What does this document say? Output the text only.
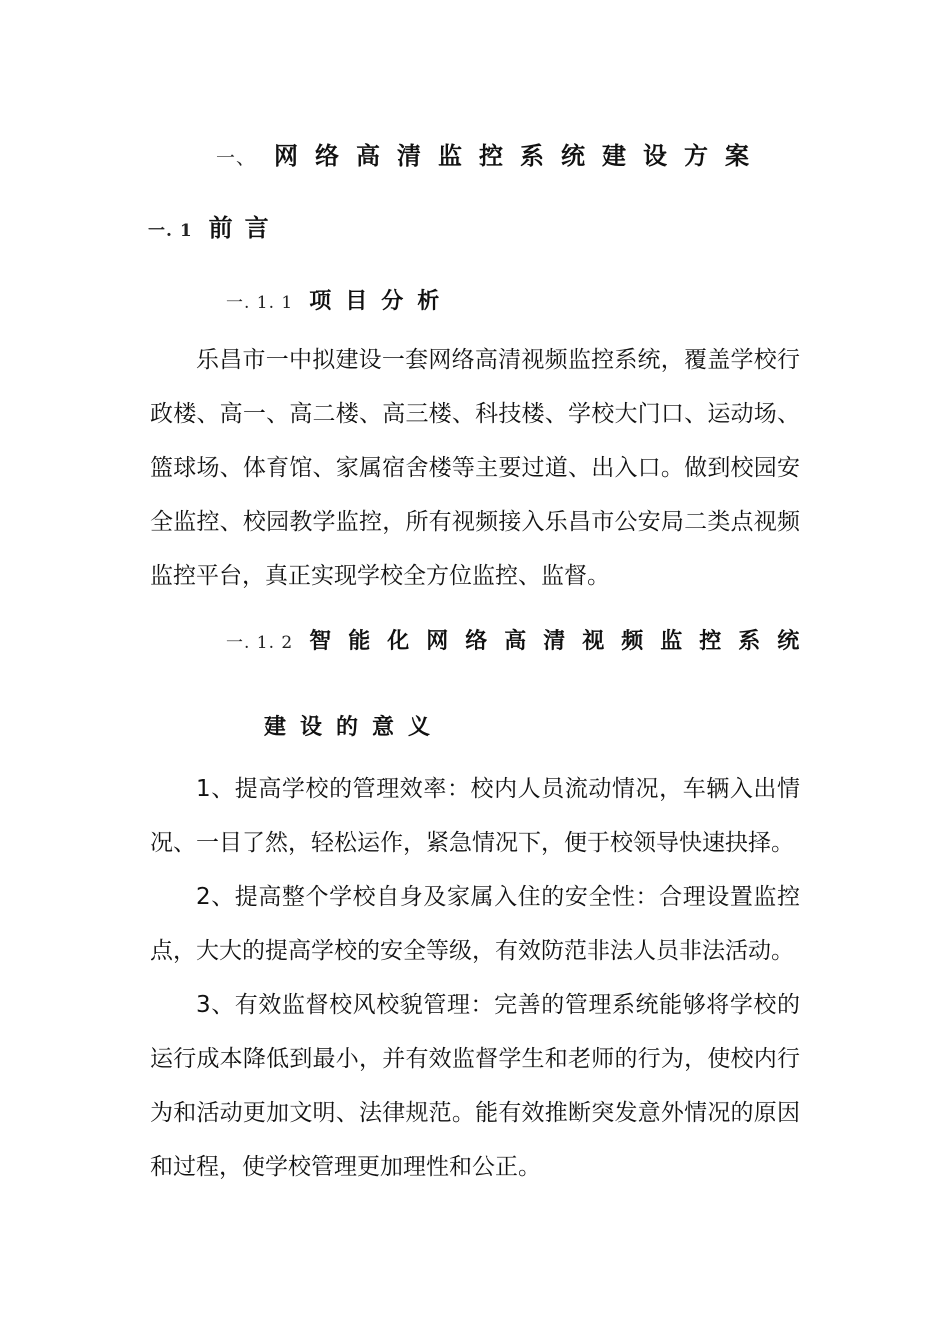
一、 网络高清监控系统建设方案
一. 1 前言
一. 1. 1 项目分析

乐昌市一中拟建设一套网络高清视频监控系统，覆盖学校行政楼、高一、高二楼、高三楼、科技楼、学校大门口、运动场、篮球场、体育馆、家属宿舍楼等主要过道、出入口。做到校园安全监控、校园教学监控，所有视频接入乐昌市公安局二类点视频监控平台，真正实现学校全方位监控、监督。

一. 1. 2 智能化网络高清视频监控系统
建设的意义

1、提高学校的管理效率：校内人员流动情况，车辆入出情况、一目了然，轻松运作，紧急情况下，便于校领导快速抉择。

2、提高整个学校自身及家属入住的安全性：合理设置监控点，大大的提高学校的安全等级，有效防范非法人员非法活动。

3、有效监督校风校貌管理：完善的管理系统能够将学校的运行成本降低到最小，并有效监督学生和老师的行为，使校内行为和活动更加文明、法律规范。能有效推断突发意外情况的原因和过程，使学校管理更加理性和公正。
